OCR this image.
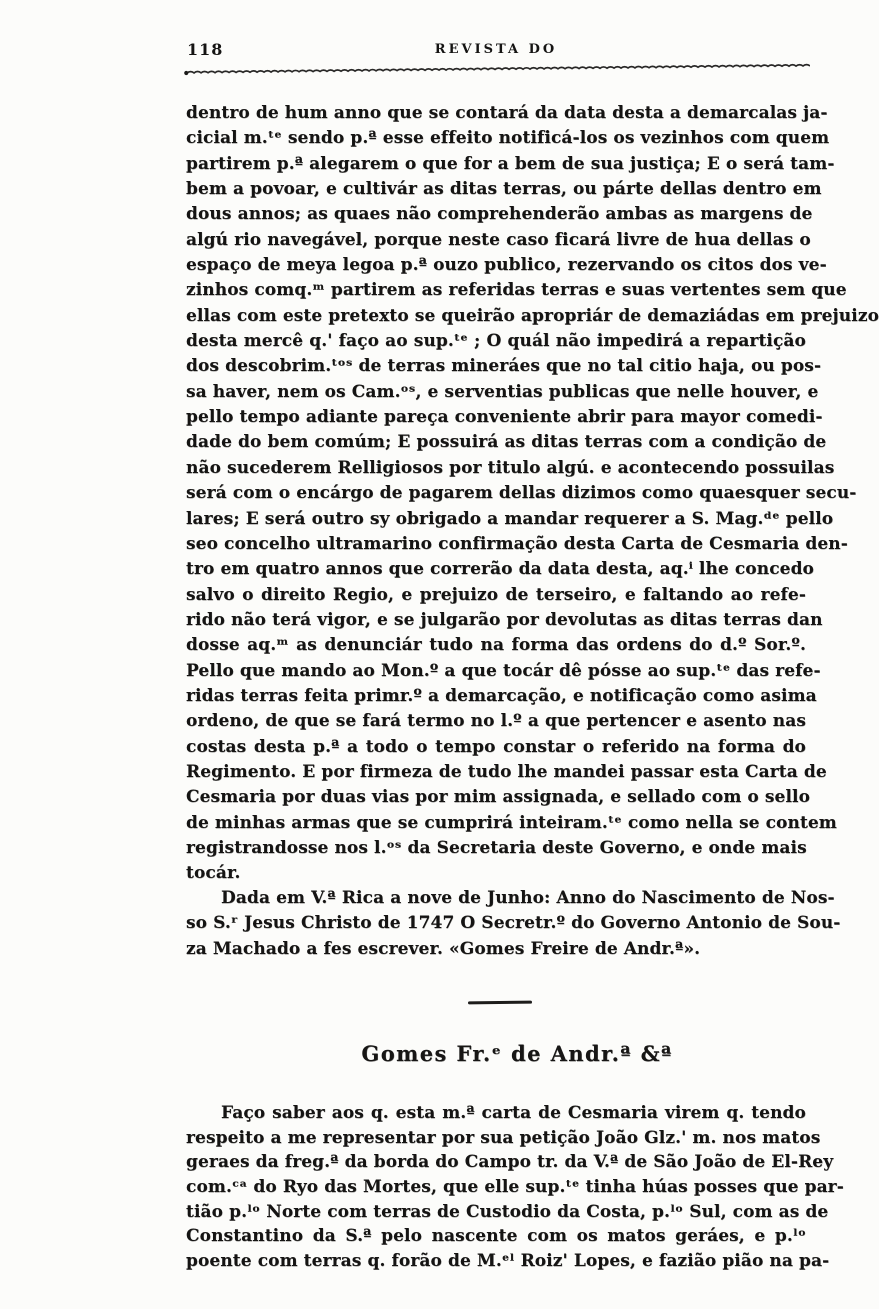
118	REVISTA DO
dentro de hum anno que se contará da data desta a demarcalas ja-
cicial m.ᵗᵉ sendo p.ª esse effeito notificá-los os vezinhos com quem
partirem p.ª alegarem o que for a bem de sua justiça; E o será tam-
bem a povoar, e cultivár as ditas terras, ou párte dellas dentro em
dous annos; as quaes não comprehenderão ambas as margens de
algú rio navegável, porque neste caso ficará livre de hua dellas o
espaço de meya legoa p.ª ouzo publico, rezervando os citos dos ve-
zinhos comq.ᵐ partirem as referidas terras e suas vertentes sem que
ellas com este pretexto se queirão apropriár de demaziádas em prejuizo
desta mercê q.' faço ao sup.ᵗᵉ ; O quál não impedirá a repartição
dos descobrim.ᵗᵒˢ de terras mineráes que no tal citio haja, ou pos-
sa haver, nem os Cam.ᵒˢ, e serventias publicas que nelle houver, e
pello tempo adiante pareça conveniente abrir para mayor comedi-
dade do bem comúm; E possuirá as ditas terras com a condição de
não sucederem Relligiosos por titulo algú. e acontecendo possuilas
será com o encárgo de pagarem dellas dizimos como quaesquer secu-
lares; E será outro sy obrigado a mandar requerer a S. Mag.ᵈᵉ pello
seo concelho ultramarino confirmação desta Carta de Cesmaria den-
tro em quatro annos que correrão da data desta, aq.ⁱ lhe concedo
salvo o direito Regio, e prejuizo de terseiro, e faltando ao refe-
rido não terá vigor, e se julgarão por devolutas as ditas terras dan
dosse aq.ᵐ as denunciár tudo na forma das ordens do d.º Sor.º.
Pello que mando ao Mon.º a que tocár dê pósse ao sup.ᵗᵉ das refe-
ridas terras feita primr.º a demarcação, e notificação como asima
ordeno, de que se fará termo no l.º a que pertencer e asento nas
costas desta p.ª a todo o tempo constar o referido na forma do
Regimento. E por firmeza de tudo lhe mandei passar esta Carta de
Cesmaria por duas vias por mim assignada, e sellado com o sello
de minhas armas que se cumprirá inteiram.ᵗᵉ como nella se contem
registrandosse nos l.ᵒˢ da Secretaria deste Governo, e onde mais
tocár.
Dada em V.ª Rica a nove de Junho: Anno do Nascimento de Nos-
so S.ʳ Jesus Christo de 1747 O Secretr.º do Governo Antonio de Sou-
za Machado a fes escrever. «Gomes Freire de Andr.ª».
Gomes Fr.ᵉ de Andr.ª &ª
Faço saber aos q. esta m.ª carta de Cesmaria virem q. tendo
respeito a me representar por sua petição João Glz.' m. nos matos
geraes da freg.ª da borda do Campo tr. da V.ª de São João de El-Rey
com.ᶜᵃ do Ryo das Mortes, que elle sup.ᵗᵉ tinha húas posses que par-
tião p.ˡᵒ Norte com terras de Custodio da Costa, p.ˡᵒ Sul, com as de
Constantino da S.ª pelo nascente com os matos geráes, e p.ˡᵒ
poente com terras q. forão de M.ᵉˡ Roiz' Lopes, e fazião pião na pa-
